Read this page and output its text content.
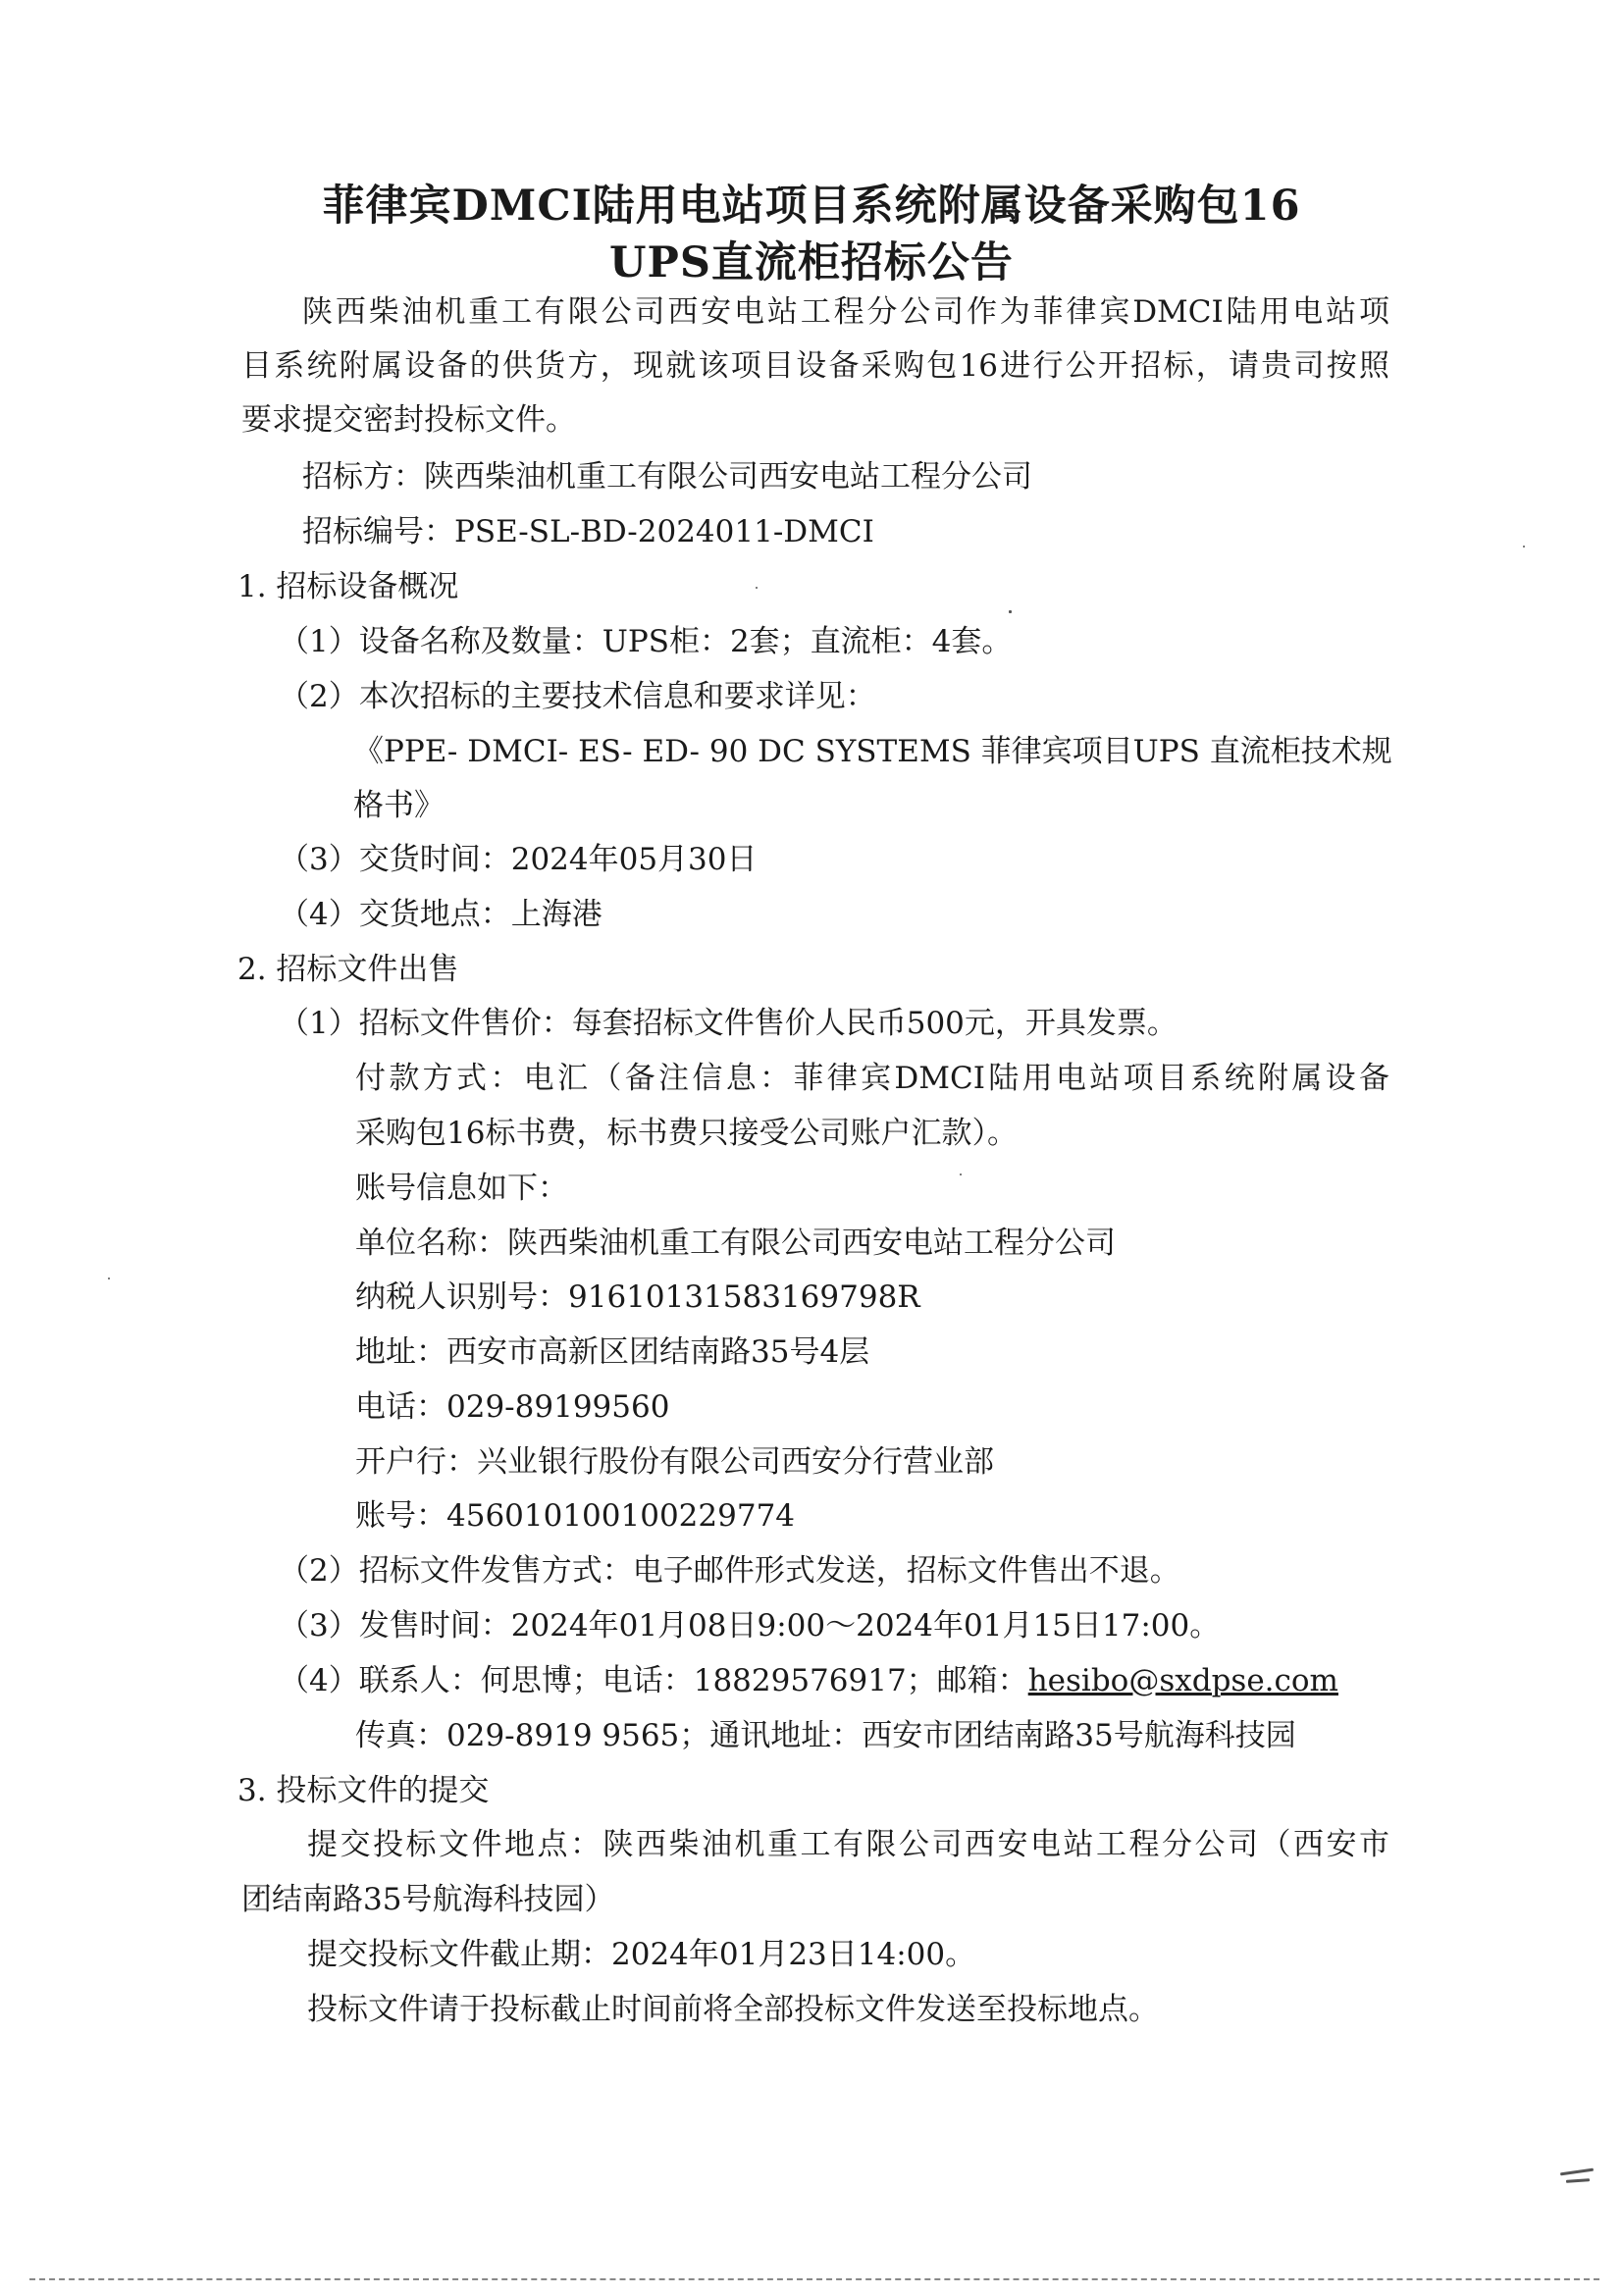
菲律宾DMCI陆用电站项目系统附属设备采购包16
UPS直流柜招标公告
陕西柴油机重工有限公司西安电站工程分公司作为菲律宾DMCI陆用电站项
目系统附属设备的供货方，现就该项目设备采购包16进行公开招标，请贵司按照
要求提交密封投标文件。
招标方：陕西柴油机重工有限公司西安电站工程分公司
招标编号：PSE-SL-BD-2024011-DMCI
1. 招标设备概况
（1）设备名称及数量：UPS柜：2套；直流柜：4套。
（2）本次招标的主要技术信息和要求详见：
《PPE- DMCI- ES- ED- 90 DC SYSTEMS 菲律宾项目UPS 直流柜技术规
格书》
（3）交货时间：2024年05月30日
（4）交货地点：上海港
2. 招标文件出售
（1）招标文件售价：每套招标文件售价人民币500元，开具发票。
付款方式：电汇（备注信息：菲律宾DMCI陆用电站项目系统附属设备
采购包16标书费，标书费只接受公司账户汇款）。
账号信息如下：
单位名称：陕西柴油机重工有限公司西安电站工程分公司
纳税人识别号：91610131583169798R
地址：西安市高新区团结南路35号4层
电话：029-89199560
开户行：兴业银行股份有限公司西安分行营业部
账号：456010100100229774
（2）招标文件发售方式：电子邮件形式发送，招标文件售出不退。
（3）发售时间：2024年01月08日9:00～2024年01月15日17:00。
（4）联系人：何思博；电话：18829576917；邮箱：hesibo@sxdpse.com
传真：029-8919 9565；通讯地址：西安市团结南路35号航海科技园
3. 投标文件的提交
提交投标文件地点：陕西柴油机重工有限公司西安电站工程分公司（西安市
团结南路35号航海科技园）
提交投标文件截止期：2024年01月23日14:00。
投标文件请于投标截止时间前将全部投标文件发送至投标地点。
